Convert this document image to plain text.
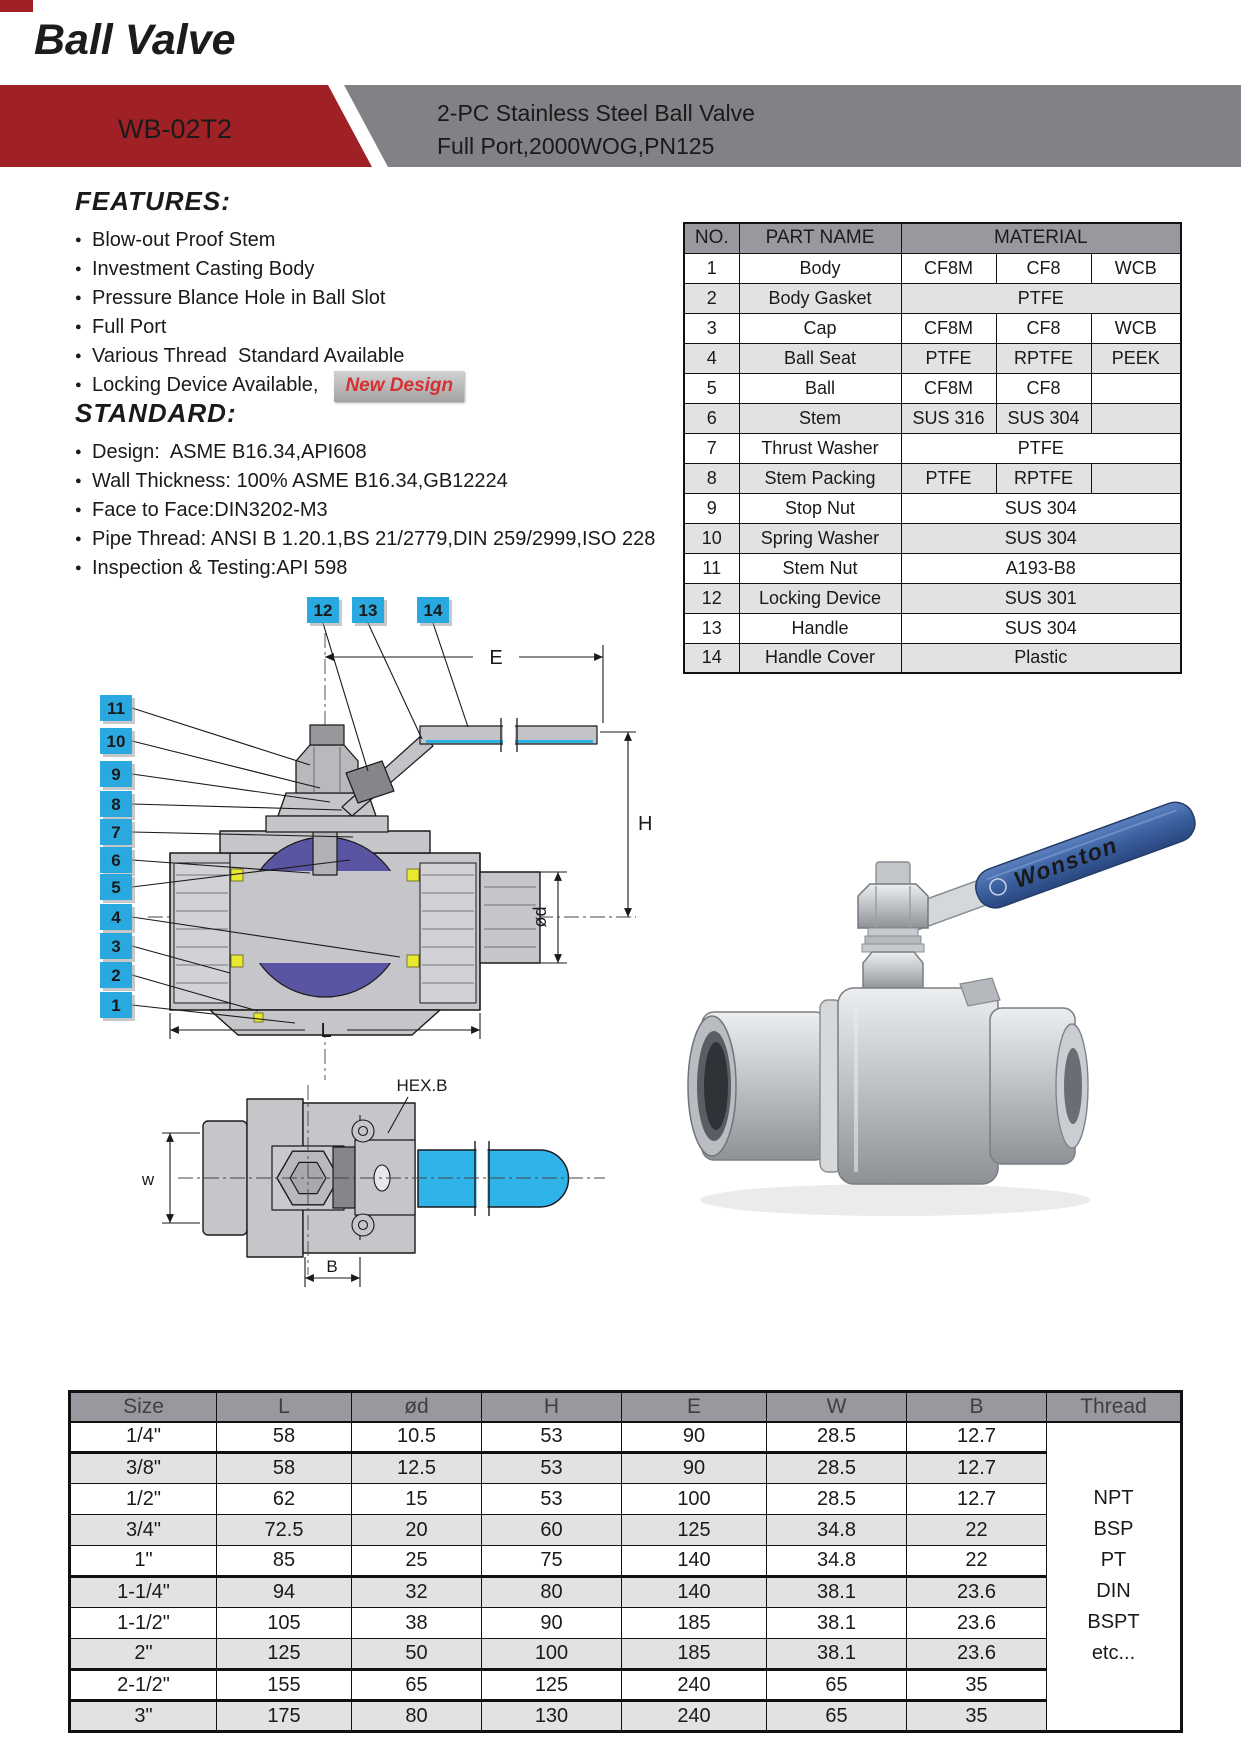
Ball Valve
WB-02T2
2-PC Stainless Steel Ball Valve
Full Port,2000WOG,PN125
FEATURES:
● Blow-out Proof Stem
● Investment Casting Body
● Pressure Blance Hole in Ball Slot
● Full Port
● Various Thread  Standard Available
● Locking Device Available, New Design
STANDARD:
● Design:  ASME B16.34,API608
● Wall Thickness: 100% ASME B16.34,GB12224
● Face to Face:DIN3202-M3
● Pipe Thread: ANSI B 1.20.1,BS 21/2779,DIN 259/2999,ISO 228
● Inspection & Testing:API 598
NO.	PART NAME	MATERIAL		
1	Body	CF8M	CF8	WCB
2	Body Gasket	PTFE		
3	Cap	CF8M	CF8	WCB
4	Ball Seat	PTFE	RPTFE	PEEK
5	Ball	CF8M	CF8	
6	Stem	SUS 316	SUS 304	
7	Thrust Washer	PTFE		
8	Stem Packing	PTFE	RPTFE	
9	Stop Nut	SUS 304		
10	Spring Washer	SUS 304		
11	Stem Nut	A193-B8		
12	Locking Device	SUS 301		
13	Handle	SUS 304		
14	Handle Cover	Plastic		
E
H
ød
L
11
10
9
8
7
6
5
4
3
2
1
12 13	14
HEX.B
w
B
Wonston
Size	L	ød	H	E	W	B	Thread
1/4"	58	10.5	53	90	28.5	12.7	
NPT
BSP
PT
DIN
BSPT
etc...

3/8"	58	12.5	53	90	28.5	12.7	
1/2"	62	15	53	100	28.5	12.7	
3/4"	72.5	20	60	125	34.8	22	
1"	85	25	75	140	34.8	22	
1-1/4"	94	32	80	140	38.1	23.6	
1-1/2"	105	38	90	185	38.1	23.6	
2"	125	50	100	185	38.1	23.6	
2-1/2"	155	65	125	240	65	35	
3"	175	80	130	240	65	35	
